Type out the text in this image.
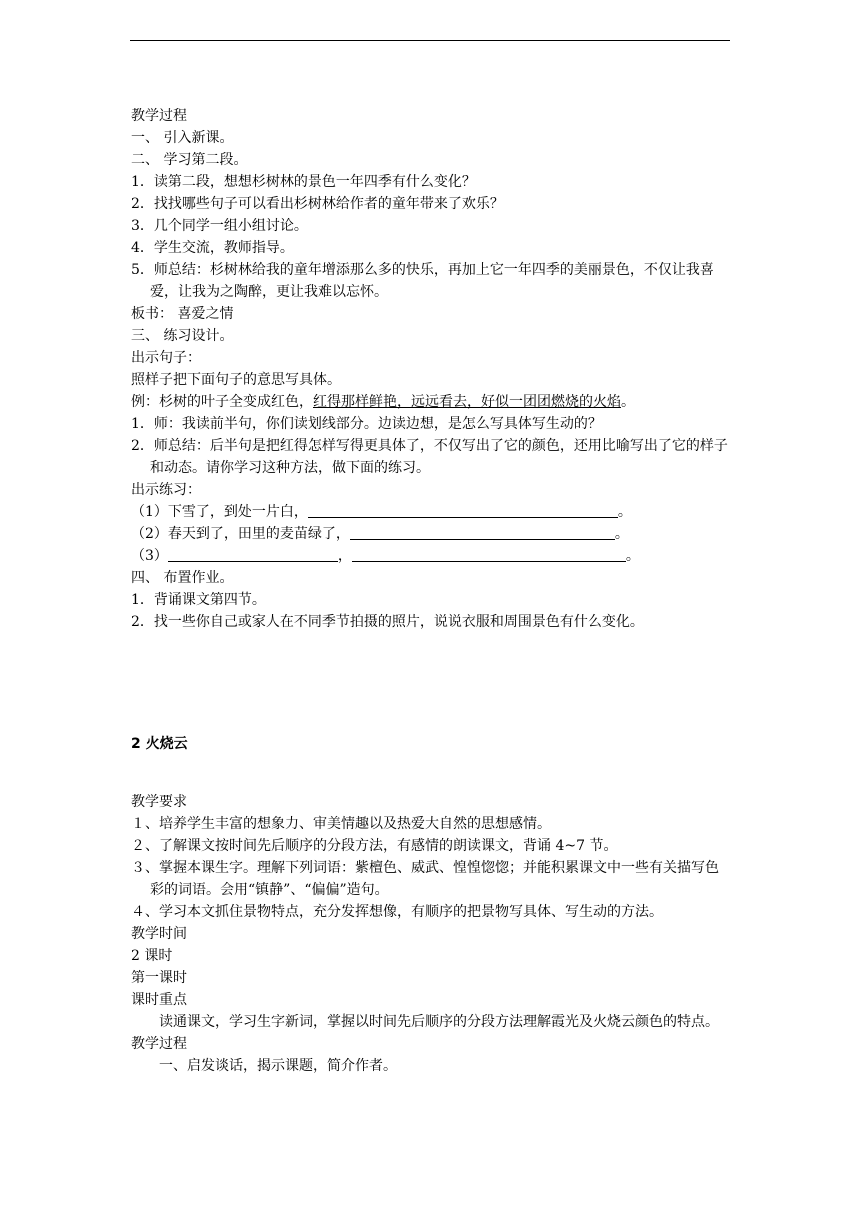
教学过程

一、 引入新课。

二、 学习第二段。

1．读第二段，想想杉树林的景色一年四季有什么变化？

2．找找哪些句子可以看出杉树林给作者的童年带来了欢乐？

3．几个同学一组小组讨论。

4．学生交流，教师指导。

5．师总结：杉树林给我的童年增添那么多的快乐，再加上它一年四季的美丽景色，不仅让我喜爱，让我为之陶醉，更让我难以忘怀。

板书： 喜爱之情

三、 练习设计。

出示句子：

照样子把下面句子的意思写具体。

例：杉树的叶子全变成红色，红得那样鲜艳，远远看去，好似一团团燃烧的火焰。

1．师：我读前半句，你们读划线部分。边读边想，是怎么写具体写生动的？

2．师总结：后半句是把红得怎样写得更具体了，不仅写出了它的颜色，还用比喻写出了它的样子和动态。请你学习这种方法，做下面的练习。

出示练习：

（1）下雪了，到处一片白，	。

（2）春天到了，田里的麦苗绿了，	。

（3）	，	。

四、 布置作业。

1．背诵课文第四节。

2．找一些你自己或家人在不同季节拍摄的照片，说说衣服和周围景色有什么变化。

2 火烧云

教学要求

１、培养学生丰富的想象力、审美情趣以及热爱大自然的思想感情。

２、了解课文按时间先后顺序的分段方法，有感情的朗读课文，背诵 4~7 节。

３、掌握本课生字。理解下列词语：紫檀色、威武、惶惶惚惚；并能积累课文中一些有关描写色彩的词语。会用“镇静”、“偏偏”造句。

４、学习本文抓住景物特点，充分发挥想像，有顺序的把景物写具体、写生动的方法。

教学时间

2 课时

第一课时

课时重点

读通课文，学习生字新词，掌握以时间先后顺序的分段方法理解霞光及火烧云颜色的特点。

教学过程

一、启发谈话，揭示课题，简介作者。
